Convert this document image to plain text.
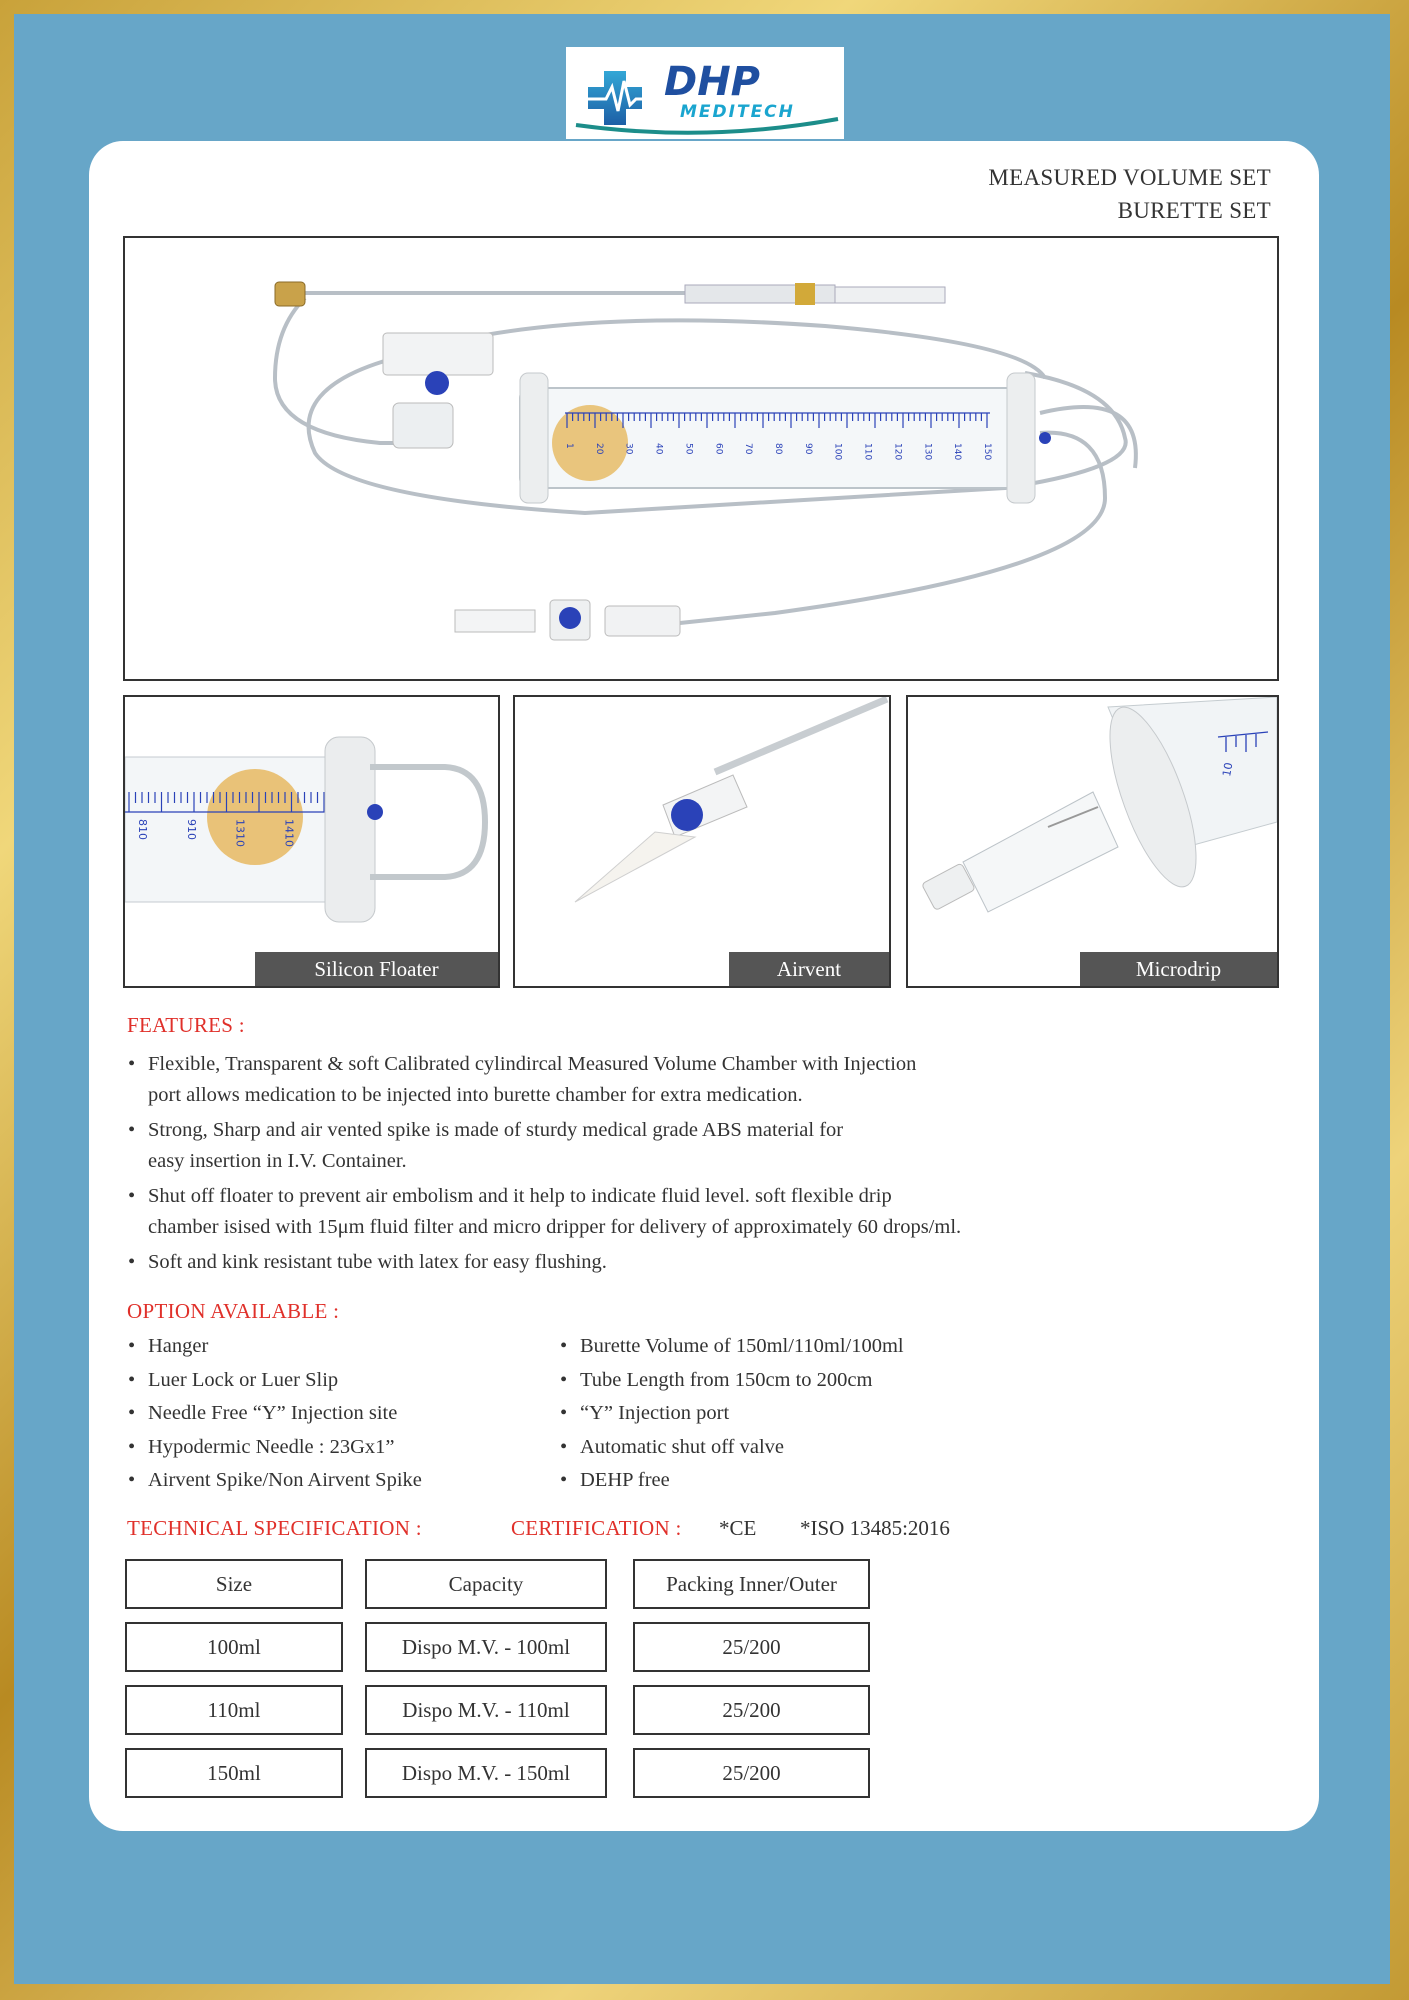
DHP
MEDITECH
MEASURED VOLUME SET
BURETTE SET
1 20 30 40 50 60 70 80 90 100 110 120 130 140 150
810	910	1310	1410
Silicon Floater	Airvent
10
Microdrip
FEATURES :
• Flexible, Transparent & soft Calibrated cylindircal Measured Volume Chamber with Injection
port allows medication to be injected into burette chamber for extra medication.
• Strong, Sharp and air vented spike is made of sturdy medical grade ABS material for
easy insertion in I.V. Container.
• Shut off floater to prevent air embolism and it help to indicate fluid level. soft flexible drip
chamber isised with 15μm fluid filter and micro dripper for delivery of approximately 60 drops/ml.
• Soft and kink resistant tube with latex for easy flushing.
OPTION AVAILABLE :
• Hanger
• Luer Lock or Luer Slip
• Needle Free “Y” Injection site
• Hypodermic Needle : 23Gx1”
• Airvent Spike/Non Airvent Spike
• Burette Volume of 150ml/110ml/100ml
• Tube Length from 150cm to 200cm
• “Y” Injection port
• Automatic shut off valve
• DEHP free
TECHNICAL SPECIFICATION :	CERTIFICATION : *CE *ISO 13485:2016
Size	Capacity	Packing Inner/Outer
100ml	Dispo M.V. - 100ml	25/200
110ml	Dispo M.V. - 110ml	25/200
150ml	Dispo M.V. - 150ml	25/200
